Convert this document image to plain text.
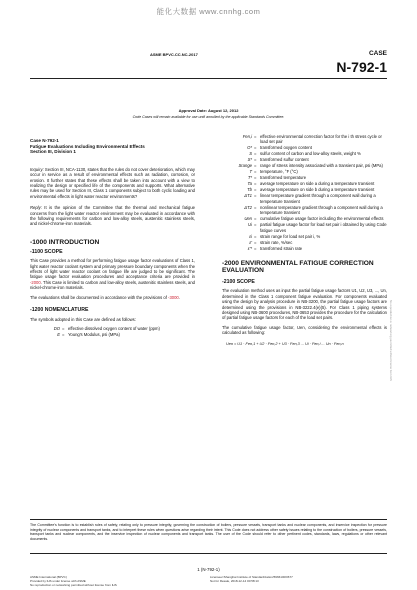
能化大数据 www.cnnhg.com
ASME BPVC.CC.NC-2017	CASE
N-792-1
Approval Date: August 12, 2012
Code Cases will remain available for use until annulled by the applicable Standards Committee.
Case N-792-1
Fatigue Evaluations Including Environmental Effects
Section III, Division 1

Inquiry: Section III, NCA-1130, states that the rules do not cover deterioration, which may occur in service as a result of environmental effects such as radiation, corrosion, or erosion. It further states that these effects shall be taken into account with a view to realizing the design or specified life of the components and supports. What alternative rules may be used for Section III, Class 1 components subject to both cyclic loading and environmental effects in light water reactor environments?

Reply: It is the opinion of the Committee that the thermal and mechanical fatigue concerns from the light water reactor environment may be evaluated in accordance with the following requirements for carbon and low-alloy steels, austenitic stainless steels, and nickel-chrome-iron materials.

-1000 INTRODUCTION
-1100 SCOPE

This Case provides a method for performing fatigue usage factor evaluations of Class 1, light water reactor coolant system and primary pressure boundary components when the effects of light water reactor coolant on fatigue life are judged to be significant. The fatigue usage factor evaluation procedures and acceptance criteria are provided in -2000. This Case is limited to carbon and low-alloy steels, austenitic stainless steels, and nickel-chrome-iron materials.

The evaluations shall be documented in accordance with the provisions of -3000.

-1200 NOMENCLATURE

The symbols adopted in this Case are defined as follows:

DO = effective dissolved oxygen content of water (ppm)
E = Young's Modulus, psi (MPa)
Fen,i = effective environmental correction factor for the i th stress cycle or load set pair
O* = transformed oxygen content
S = sulfur content of carbon and low-alloy steels, weight %
S* = transformed sulfur content
Srange = range of stress intensity associated with a transient pair, psi (MPa)
T = temperature, °F (°C)
T* = transformed temperature
Ta = average temperature on side a during a temperature transient
Tb = average temperature on side b during a temperature transient
ΔT1 = linear temperature gradient through a component wall during a temperature transient
ΔT2 = nonlinear temperature gradient through a component wall during a temperature transient
Uen = cumulative fatigue usage factor including the environmental effects
Ui = partial fatigue usage factor for load set pair i obtained by using Code fatigue curves
εi = strain range for load set pair i, %
ε' = strain rate, %/sec
ε'* = transformed strain rate
-2000 ENVIRONMENTAL FATIGUE CORRECTION EVALUATION
-2100 SCOPE

The evaluation method uses as input the partial fatigue usage factors U1, U2, U3, ..., Un, determined in the Class 1 component fatigue evaluation. For components evaluated using the design by analysis procedure in NB-3200, the partial fatigue usage factors are determined using the provisions in NB-3222.4(e)(5). For Class 1 piping systems designed using NB-3600 procedures, NB-3653 provides the procedure for the calculation of partial fatigue usage factors for each of the load set pairs.

The cumulative fatigue usage factor, Uen, considering the environmental effects is calculated as following:

Uen = U1 · Fen,1 + U2 · Fen,2 + U3 · Fen,3 ... Ui · Fen,i ... Un · Fen,n
The Committee's function is to establish rules of safety, relating only to pressure integrity, governing the construction of boilers, pressure vessels, transport tanks and nuclear components, and inservice inspection for pressure integrity of nuclear components and transport tanks, and to interpret these rules when questions arise regarding their intent. This Code does not address other safety issues relating to the construction of boilers, pressure vessels, transport tanks and nuclear components, and the inservice inspection of nuclear components and transport tanks. The user of the Code should refer to other pertinent codes, standards, laws, regulations or other relevant documents.
1 (N-792-1)
ASME International (BPVC)
Provided by IHS under license with ASME
No reproduction or networking permitted without license from IHS
Licensee=Shanghai Institute of Standardization/5966100/0677
Not for Resale, 2018-12-14 00:58:13
No reproduction or networking permitted without license from IHS
